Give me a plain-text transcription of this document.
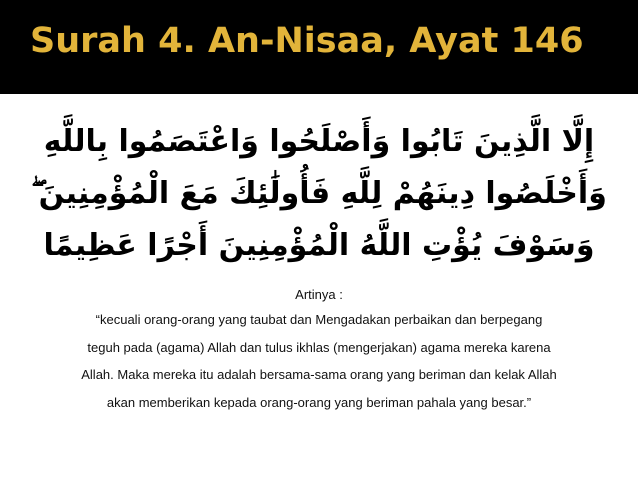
Surah 4. An-Nisaa, Ayat 146
إِلَّا الَّذِينَ تَابُوا وَأَصْلَحُوا وَاعْتَصَمُوا بِاللَّهِ
وَأَخْلَصُوا دِينَهُمْ لِلَّهِ فَأُولَٰئِكَ مَعَ الْمُؤْمِنِينَ ۖ
وَسَوْفَ يُؤْتِ اللَّهُ الْمُؤْمِنِينَ أَجْرًا عَظِيمًا
Artinya :
“kecuali orang-orang yang taubat dan Mengadakan perbaikan dan berpegang
teguh pada (agama) Allah dan tulus ikhlas (mengerjakan) agama mereka karena
Allah. Maka mereka itu adalah bersama-sama orang yang beriman dan kelak Allah
akan memberikan kepada orang-orang yang beriman pahala yang besar.”
